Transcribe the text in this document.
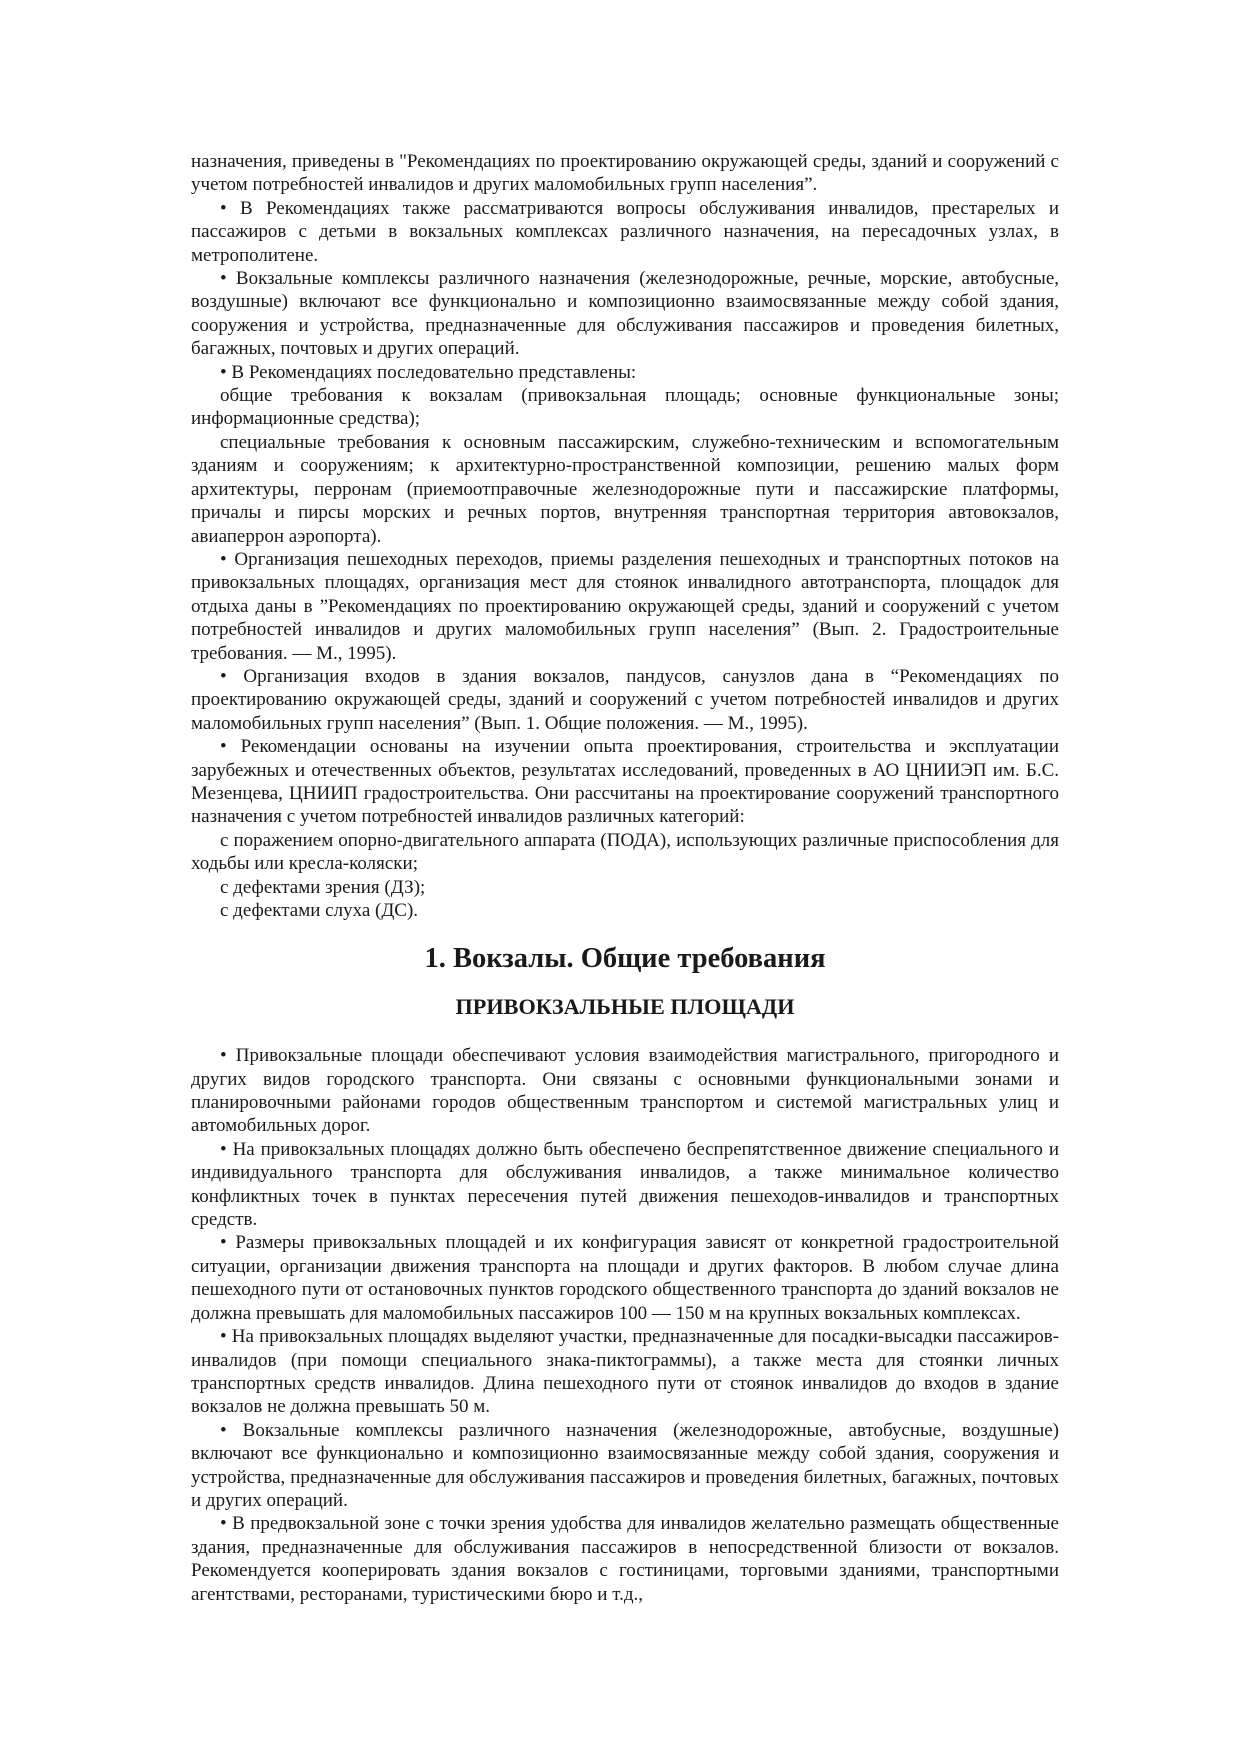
назначения, приведены в "Рекомендациях по проектированию окружающей среды, зданий и сооружений с учетом потребностей инвалидов и других маломобильных групп населения”.

• В Рекомендациях также рассматриваются вопросы обслуживания инвалидов, престарелых и пассажиров с детьми в вокзальных комплексах различного назначения, на пересадочных узлах, в метрополитене.

• Вокзальные комплексы различного назначения (железнодорожные, речные, морские, автобусные, воздушные) включают все функционально и композиционно взаимосвязанные между собой здания, сооружения и устройства, предназначенные для обслуживания пассажиров и проведения билетных, багажных, почтовых и других операций.

• В Рекомендациях последовательно представлены:

общие требования к вокзалам (привокзальная площадь; основные функциональные зоны; информационные средства);

специальные требования к основным пассажирским, служебно-техническим и вспомогательным зданиям и сооружениям; к архитектурно-пространственной композиции, решению малых форм архитектуры, перронам (приемоотправочные железнодорожные пути и пассажирские платформы, причалы и пирсы морских и речных портов, внутренняя транспортная территория автовокзалов, авиаперрон аэропорта).

• Организация пешеходных переходов, приемы разделения пешеходных и транспортных потоков на привокзальных площадях, организация мест для стоянок инвалидного автотранспорта, площадок для отдыха даны в ”Рекомендациях по проектированию окружающей среды, зданий и сооружений с учетом потребностей инвалидов и других маломобильных групп населения” (Вып. 2. Градостроительные требования. — М., 1995).

• Организация входов в здания вокзалов, пандусов, санузлов дана в “Рекомендациях по проектированию окружающей среды, зданий и сооружений с учетом потребностей инвалидов и других маломобильных групп населения” (Вып. 1. Общие положения. — М., 1995).

• Рекомендации основаны на изучении опыта проектирования, строительства и эксплуатации зарубежных и отечественных объектов, результатах исследований, проведенных в АО ЦНИИЭП им. Б.С. Мезенцева, ЦНИИП градостроительства. Они рассчитаны на проектирование сооружений транспортного назначения с учетом потребностей инвалидов различных категорий:

с поражением опорно-двигательного аппарата (ПОДА), использующих различные приспособления для ходьбы или кресла-коляски;

с дефектами зрения (ДЗ);

с дефектами слуха (ДС).

1. Вокзалы. Общие требования
ПРИВОКЗАЛЬНЫЕ ПЛОЩАДИ

• Привокзальные площади обеспечивают условия взаимодействия магистрального, пригородного и других видов городского транспорта. Они связаны с основными функциональными зонами и планировочными районами городов общественным транспортом и системой магистральных улиц и автомобильных дорог.

• На привокзальных площадях должно быть обеспечено беспрепятственное движение специального и индивидуального транспорта для обслуживания инвалидов, а также минимальное количество конфликтных точек в пунктах пересечения путей движения пешеходов-инвалидов и транспортных средств.

• Размеры привокзальных площадей и их конфигурация зависят от конкретной градостроительной ситуации, организации движения транспорта на площади и других факторов. В любом случае длина пешеходного пути от остановочных пунктов городского общественного транспорта до зданий вокзалов не должна превышать для маломобильных пассажиров 100 — 150 м на крупных вокзальных комплексах.

• На привокзальных площадях выделяют участки, предназначенные для посадки-высадки пассажиров-инвалидов (при помощи специального знака-пиктограммы), а также места для стоянки личных транспортных средств инвалидов. Длина пешеходного пути от стоянок инвалидов до входов в здание вокзалов не должна превышать 50 м.

• Вокзальные комплексы различного назначения (железнодорожные, автобусные, воздушные) включают все функционально и композиционно взаимосвязанные между собой здания, сооружения и устройства, предназначенные для обслуживания пассажиров и проведения билетных, багажных, почтовых и других операций.

• В предвокзальной зоне с точки зрения удобства для инвалидов желательно размещать общественные здания, предназначенные для обслуживания пассажиров в непосредственной близости от вокзалов. Рекомендуется кооперировать здания вокзалов с гостиницами, торговыми зданиями, транспортными агентствами, ресторанами, туристическими бюро и т.д.,
